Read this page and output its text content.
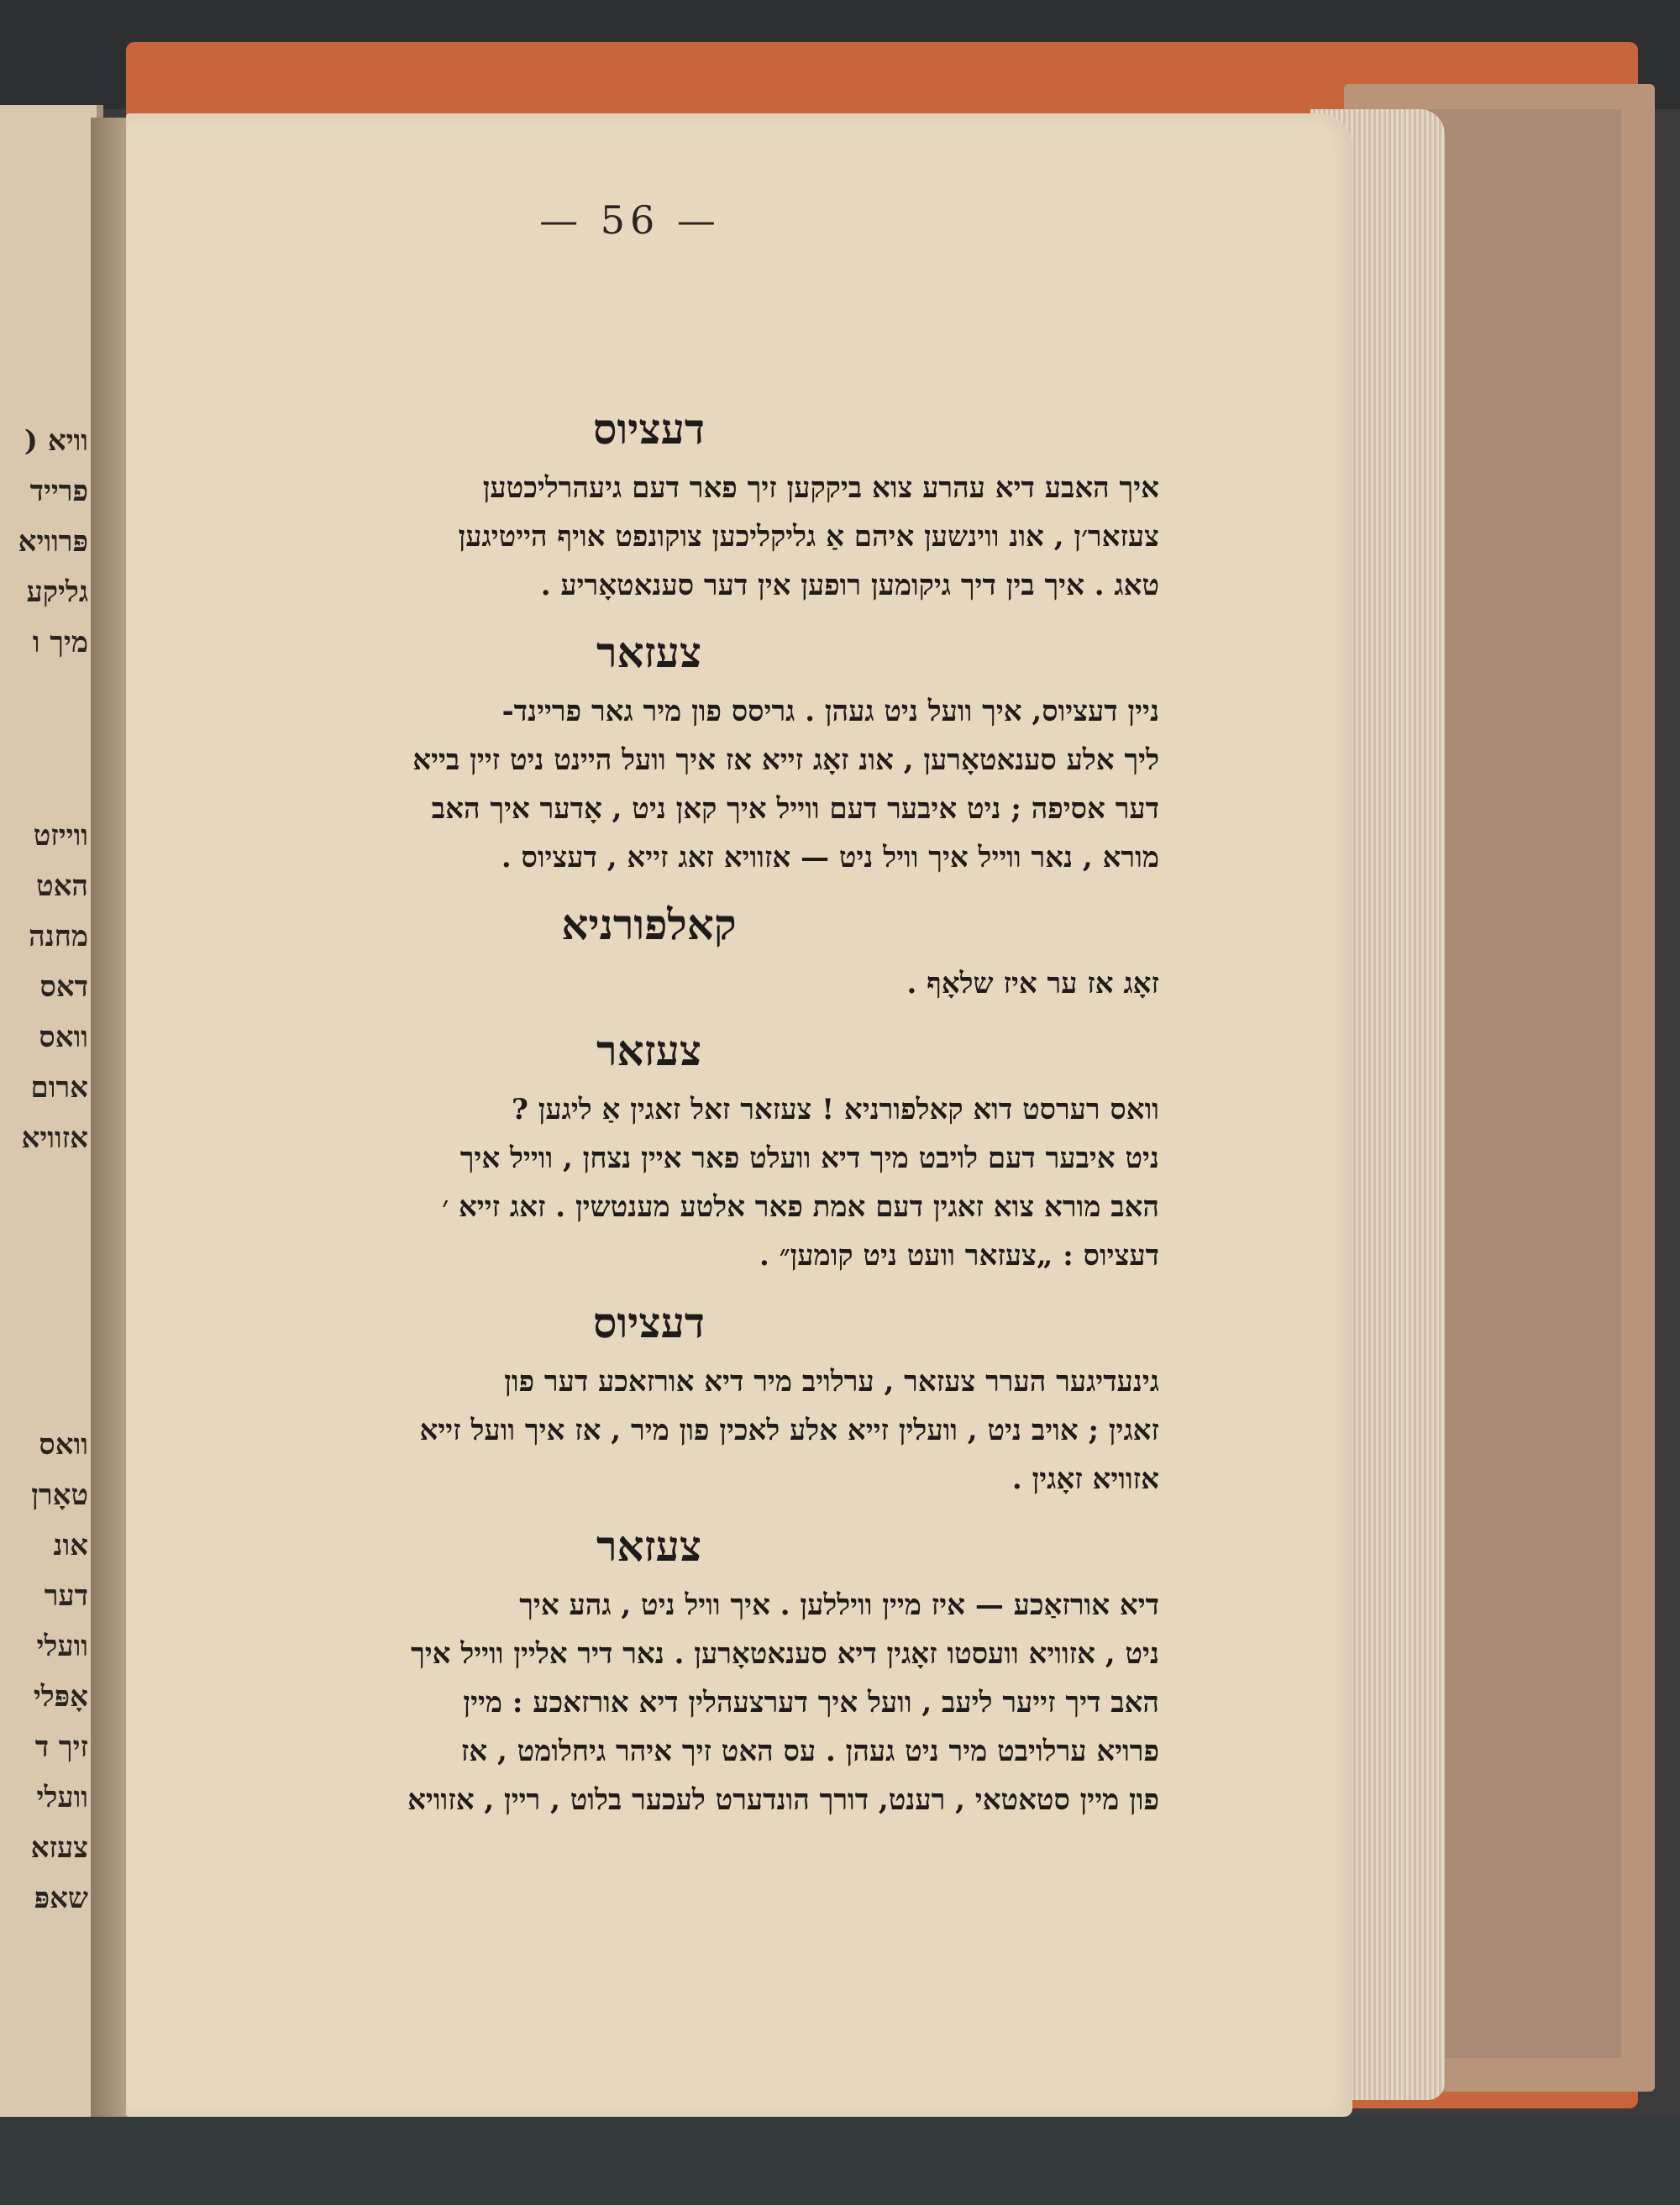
וויא (
פרייד
פּרוויא
גליקע
מיך ו
ווייזט
האט
מחנה
דאס
וואס
ארום
אזוויא
וואס
טאָרן
אונ
דער
וועלי
אָפּלי
זיך ד
וועלי
צעזא
שאפּ
— 56 —
דעציוס
איך האבע דיא עהרע צוא ביקקען זיך פאר דעם גיעהרליכטען
צעזאר׳ן , אונ ווינשען איהם אַ גליקליכען צוקונפט אויף הייטיגען
טאג . איך בין דיך גיקומען רופען אין דער סענאטאָריע .
צעזאר
ניין דעציוס, איך וועל ניט געהן . גריסס פון מיר גאר פריינד-
ליך אלע סענאטאָרען , אונ זאָג זייא אז איך וועל היינט ניט זיין בייא
דער אסיפה ; ניט איבער דעם ווייל איך קאן ניט , אָדער איך האב
מורא , נאר ווייל איך וויל ניט — אזוויא זאג זייא , דעציוס .
קאלפורניא
זאָג אז ער איז שלאָף .
צעזאר
וואס רערסט דוא קאלפורניא ! צעזאר זאל זאגין אַ ליגען ?
ניט איבער דעם לויבט מיך דיא וועלט פאר איין נצחן , ווייל איך
האב מורא צוא זאגין דעם אמת פאר אלטע מענטשין . זאג זייא ׳
דעציוס : „צעזאר וועט ניט קומען״ .
דעציוס
גינעדיגער הערר צעזאר , ערלויב מיר דיא אורזאכע דער פון
זאגין ; אויב ניט , וועלין זייא אלע לאכין פון מיר , אז איך וועל זייא
אזוויא זאָגין .
צעזאר
דיא אורזאַכע — איז מיין וויללען . איך וויל ניט , גהע איך
ניט , אזוויא וועסטו זאָגין דיא סענאטאָרען . נאר דיר אליין ווייל איך
האב דיך זייער ליעב , וועל איך דערצעהלין דיא אורזאכע : מיין
פרויא ערלויבט מיר ניט געהן . עס האט זיך איהר גיחלומט , אז
פון מיין סטאטאי , רענט, דורך הונדערט לעכער בלוט , ריין , אזוויא
